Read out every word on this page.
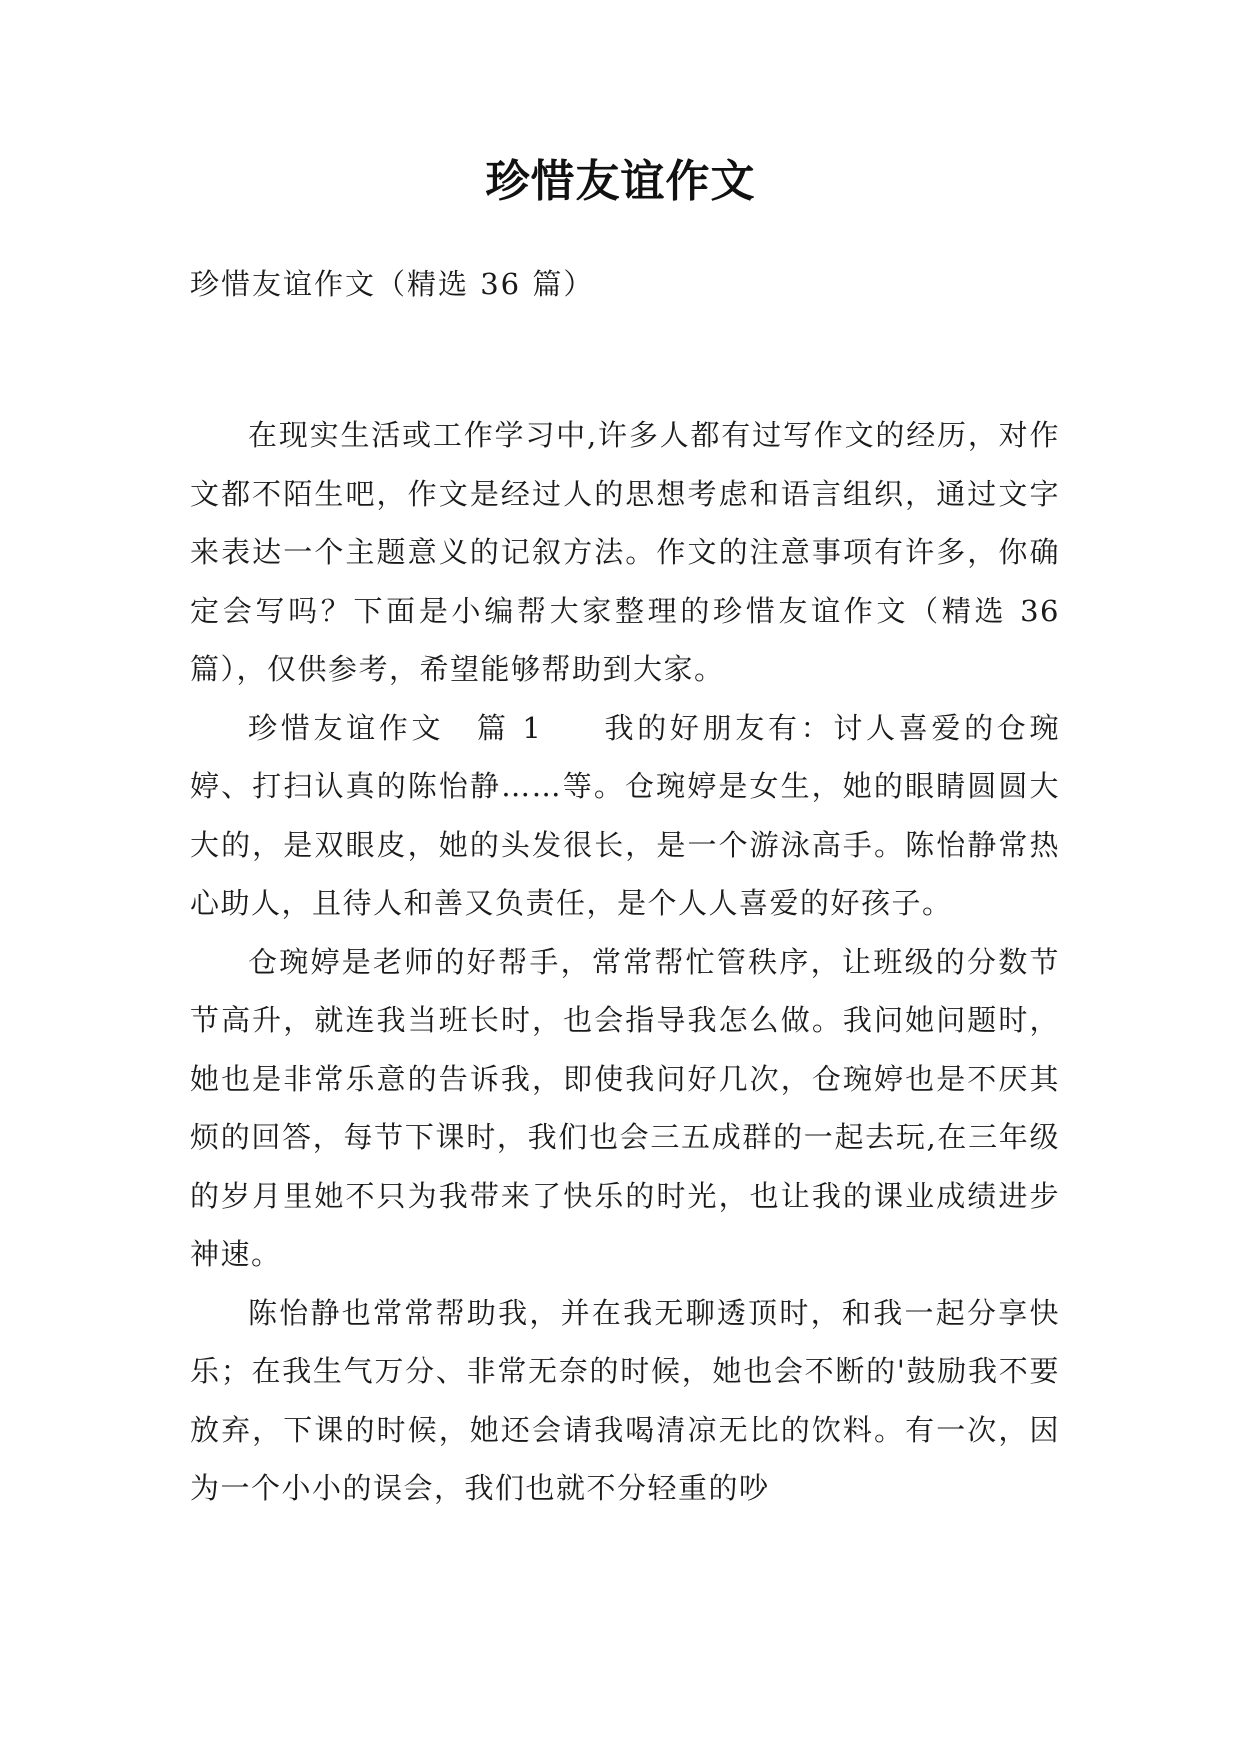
珍惜友谊作文
珍惜友谊作文（精选 36 篇）

在现实生活或工作学习中,许多人都有过写作文的经历，对作文都不陌生吧，作文是经过人的思想考虑和语言组织，通过文字来表达一个主题意义的记叙方法。作文的注意事项有许多，你确定会写吗？下面是小编帮大家整理的珍惜友谊作文（精选 36 篇），仅供参考，希望能够帮助到大家。

珍惜友谊作文　篇 1 我的好朋友有：讨人喜爱的仓琬婷、打扫认真的陈怡静……等。仓琬婷是女生，她的眼睛圆圆大大的，是双眼皮，她的头发很长，是一个游泳高手。陈怡静常热心助人，且待人和善又负责任，是个人人喜爱的好孩子。

仓琬婷是老师的好帮手，常常帮忙管秩序，让班级的分数节节高升，就连我当班长时，也会指导我怎么做。我问她问题时，她也是非常乐意的告诉我，即使我问好几次，仓琬婷也是不厌其烦的回答，每节下课时，我们也会三五成群的一起去玩,在三年级的岁月里她不只为我带来了快乐的时光，也让我的课业成绩进步神速。

陈怡静也常常帮助我，并在我无聊透顶时，和我一起分享快乐；在我生气万分、非常无奈的时候，她也会不断的'鼓励我不要放弃，下课的时候，她还会请我喝清凉无比的饮料。有一次，因为一个小小的误会，我们也就不分轻重的吵
